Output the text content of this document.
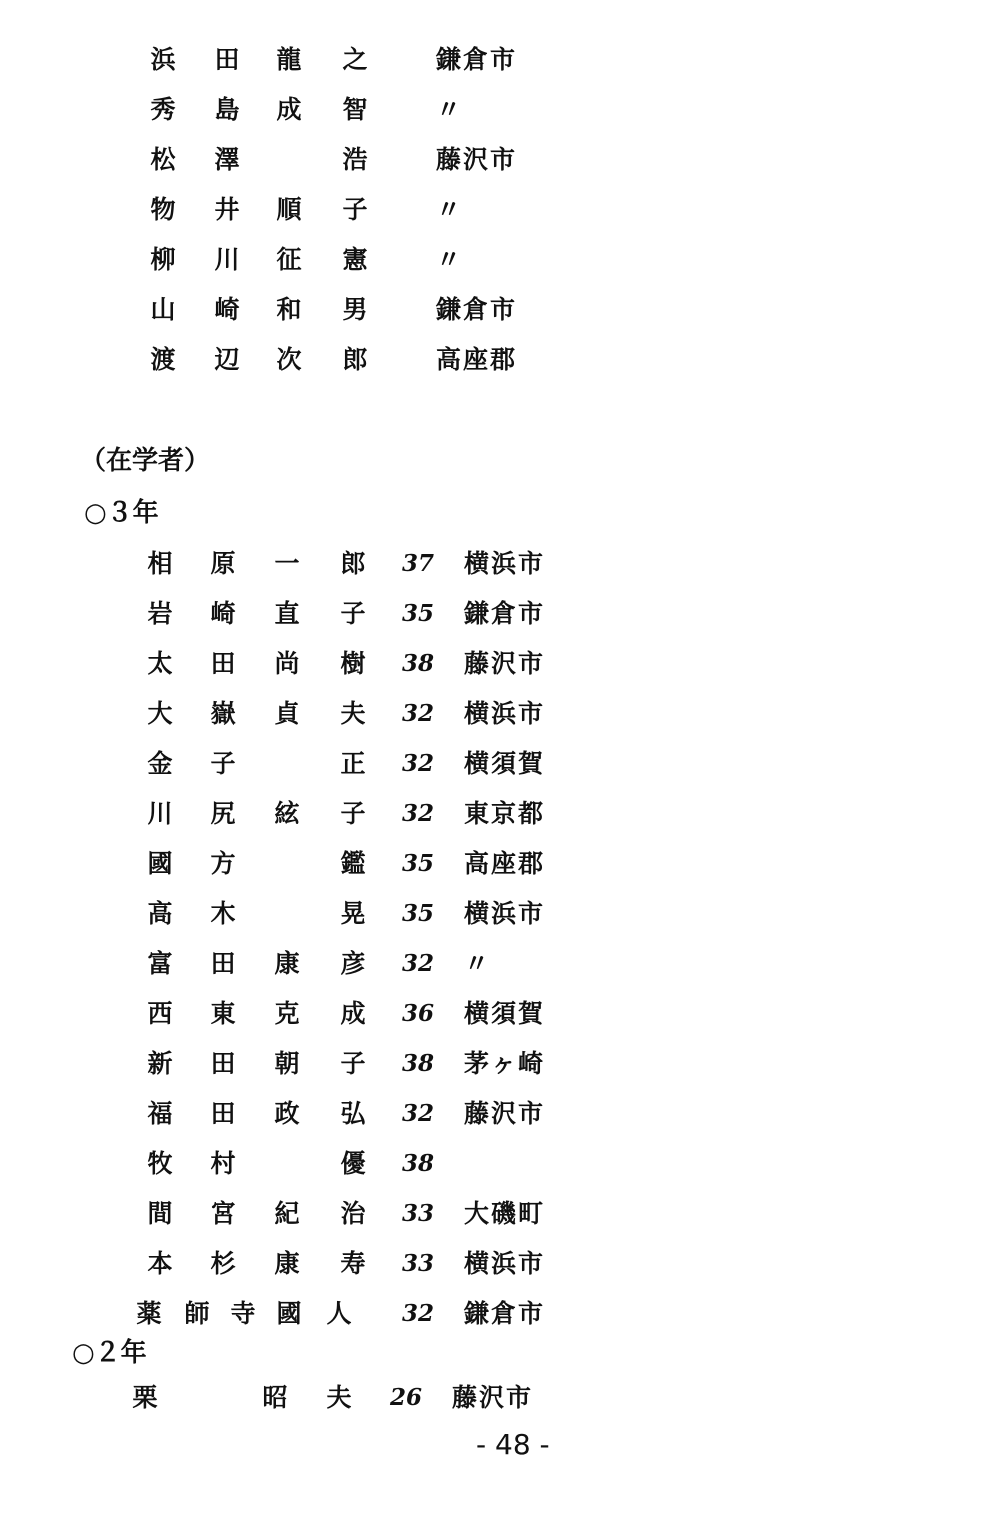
（在学者）
○３年
○２年
浜 田 龍 之	鎌倉市
秀 島 成 智	〃
松 澤	浩	藤沢市
物 井 順 子	〃
柳 川 征 憲	〃
山 崎 和 男	鎌倉市
渡 辺 次 郎	高座郡
相 原 一 郎 37 横浜市
岩 崎 直 子 35 鎌倉市
太 田 尚 樹 38 藤沢市
大 嶽 貞 夫 32 横浜市
金 子	正 32 横須賀
川 尻 絃 子 32 東京都
國 方	鑑 35 高座郡
高 木	晃 35 横浜市
富 田 康 彦 32 〃
西 東 克 成 36 横須賀
新 田 朝 子 38 茅ヶ崎
福 田 政 弘 32 藤沢市
牧 村	優 38
間 宮 紀 治 33 大磯町
本 杉 康 寿 33 横浜市
薬 師 寺 國 人 32 鎌倉市
栗	昭 夫 26 藤沢市
- 48 -
